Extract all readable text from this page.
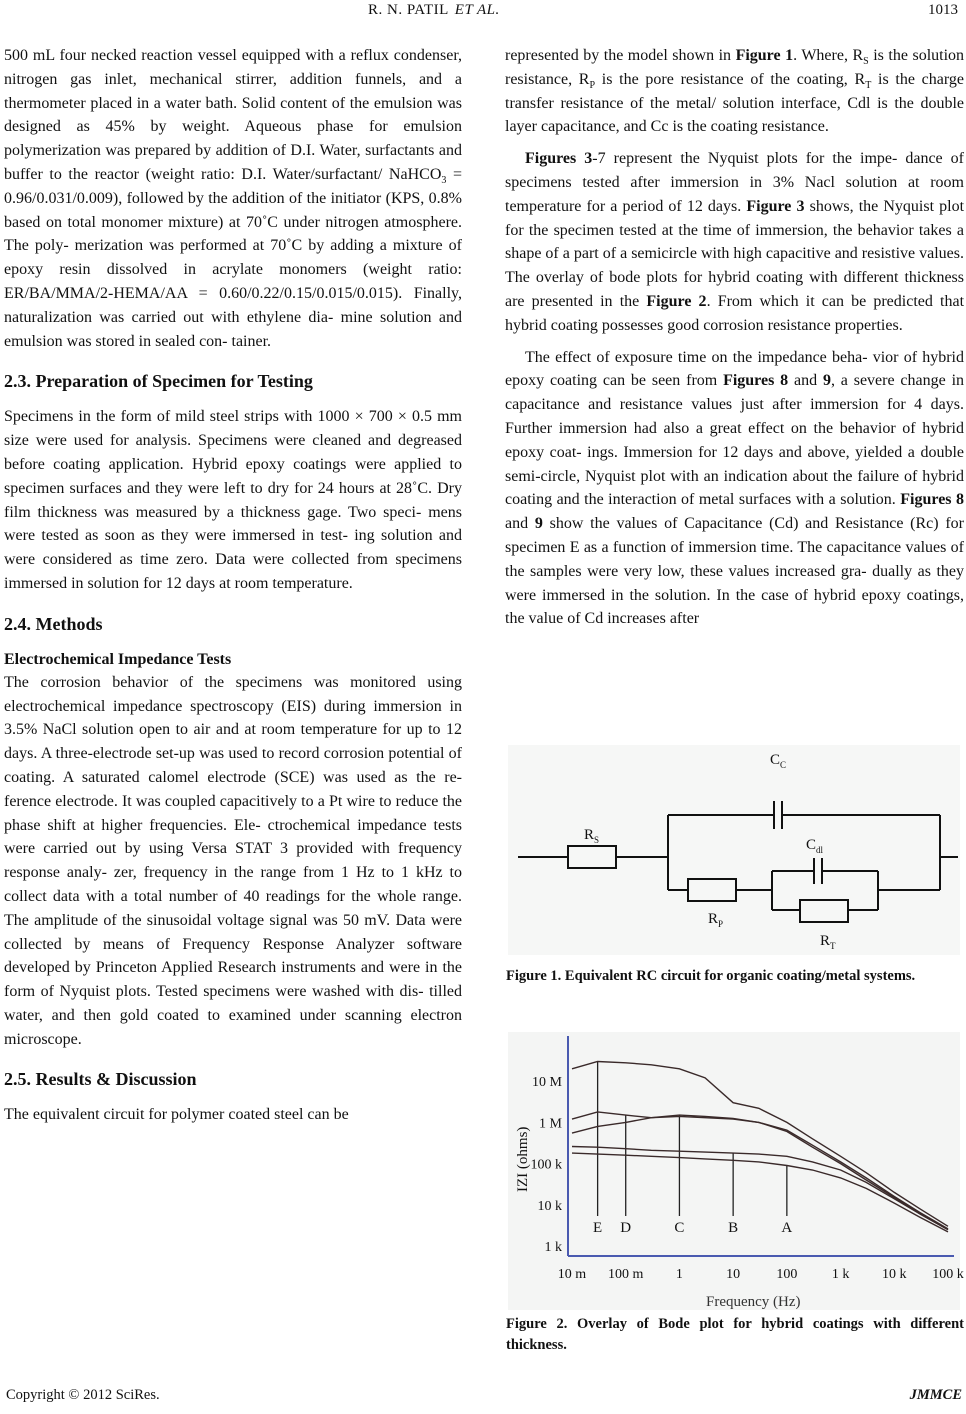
R. N. PATIL ET AL.	1013

500 mL four necked reaction vessel equipped with a reflux condenser, nitrogen gas inlet, mechanical stirrer, addition funnels, and a thermometer placed in a water bath. Solid content of the emulsion was designed as 45% by weight. Aqueous phase for emulsion polymerization was prepared by addition of D.I. Water, surfactants and buffer to the reactor (weight ratio: D.I. Water/surfactant/ NaHCO$_3$ = 0.96/0.031/0.009), followed by the addition of the initiator (KPS, 0.8% based on total monomer mixture) at 70˚C under nitrogen atmosphere. The poly- merization was performed at 70˚C by adding a mixture of epoxy resin dissolved in acrylate monomers (weight ratio: ER/BA/MMA/2-HEMA/AA = 0.60/0.22/0.15/0.015/0.015). Finally, naturalization was carried out with ethylene dia- mine solution and emulsion was stored in sealed con- tainer.

2.3. Preparation of Specimen for Testing

Specimens in the form of mild steel strips with 1000 × 700 × 0.5 mm size were used for analysis. Specimens were cleaned and degreased before coating application. Hybrid epoxy coatings were applied to specimen surfaces and they were left to dry for 24 hours at 28˚C. Dry film thickness was measured by a thickness gage. Two speci- mens were tested as soon as they were immersed in test- ing solution and were considered as time zero. Data were collected from specimens immersed in solution for 12 days at room temperature.

2.4. Methods
Electrochemical Impedance Tests

The corrosion behavior of the specimens was monitored using electrochemical impedance spectroscopy (EIS) during immersion in 3.5% NaCl solution open to air and at room temperature for up to 12 days. A three-electrode set-up was used to record corrosion potential of coating. A saturated calomel electrode (SCE) was used as the re- ference electrode. It was coupled capacitively to a Pt wire to reduce the phase shift at higher frequencies. Ele- ctrochemical impedance tests were carried out by using Versa STAT 3 provided with frequency response analy- zer, frequency in the range from 1 Hz to 1 kHz to collect data with a total number of 40 readings for the whole range. The amplitude of the sinusoidal voltage signal was 50 mV. Data were collected by means of Frequency Response Analyzer software developed by Princeton Applied Research instruments and were in the form of Nyquist plots. Tested specimens were washed with dis- tilled water, and then gold coated to examined under scanning electron microscope.

2.5. Results & Discussion

The equivalent circuit for polymer coated steel can be

represented by the model shown in Figure 1. Where, $R_S$ is the solution resistance, $R_P$ is the pore resistance of the coating, $R_T$ is the charge transfer resistance of the metal/ solution interface, Cdl is the double layer capacitance, and Cc is the coating resistance.

Figures 3-7 represent the Nyquist plots for the impe- dance of specimens tested after immersion in 3% Nacl solution at room temperature for a period of 12 days. Figure 3 shows, the Nyquist plot for the specimen tested at the time of immersion, the behavior takes a shape of a part of a semicircle with high capacitive and resistive values. The overlay of bode plots for hybrid coating with different thickness are presented in the Figure 2. From which it can be predicted that hybrid coating possesses good corrosion resistance properties.

The effect of exposure time on the impedance beha- vior of hybrid epoxy coating can be seen from Figures 8 and 9, a severe change in capacitance and resistance values just after immersion for 4 days. Further immersion had also a great effect on the behavior of hybrid epoxy coat- ings. Immersion for 12 days and above, yielded a double semi-circle, Nyquist plot with an indication about the failure of hybrid coating and the interaction of metal surfaces with a solution. Figures 8 and 9 show the values of Capacitance (Cd) and Resistance (Rc) for specimen E as a function of immersion time. The capacitance values of the samples were very low, these values increased gra- dually as they were immersed in the solution. In the case of hybrid epoxy coatings, the value of Cd increases after

$C_C$
$R_S$	$C_{dl}$
$R_P$
$R_T$
Figure 1. Equivalent RC circuit for organic coating/metal systems.
IZI (ohms)
Frequency (Hz)
1 k
10 k
100 k
1 M
10 M
10 m 100 m 1	10	100 1 k 10 k 100 k
E D	C	B	A
Figure 2. Overlay of Bode plot for hybrid coatings with different thickness.
Copyright © 2012 SciRes.	JMMCE
